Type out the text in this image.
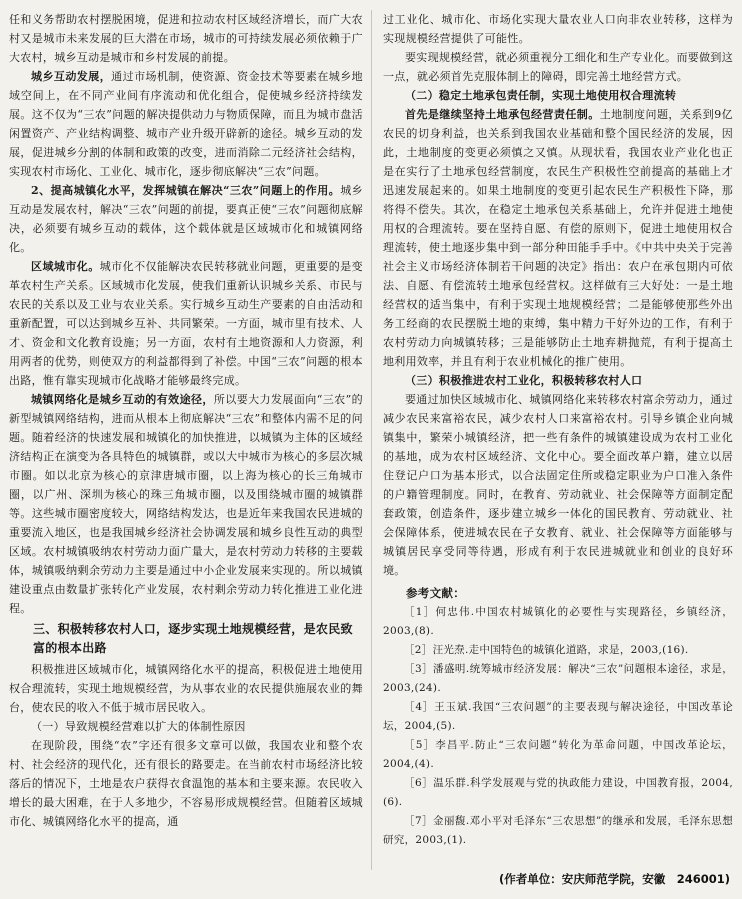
任和义务帮助农村摆脱困境，促进和拉动农村区域经济增长，而广大农村又是城市未来发展的巨大潜在市场，城市的可持续发展必须依赖于广大农村，城乡互动是城市和乡村发展的前提。

城乡互动发展，通过市场机制，使资源、资金技术等要素在城乡地域空间上，在不同产业间有序流动和优化组合，促使城乡经济持续发展。这不仅为“三农”问题的解决提供动力与物质保障，而且为城市盘活闲置资产、产业结构调整、城市产业升级开辟新的途径。城乡互动的发展，促进城乡分割的体制和政策的改变，进而消除二元经济社会结构，实现农村市场化、工业化、城市化，逐步彻底解决“三农”问题。

2、提高城镇化水平，发挥城镇在解决“三农”问题上的作用。城乡互动是发展农村，解决“三农”问题的前提，要真正使“三农”问题彻底解决，必须要有城乡互动的载体，这个载体就是区域城市化和城镇网络化。

区域城市化。城市化不仅能解决农民转移就业问题，更重要的是变革农村生产关系。区域城市化发展，使我们重新认识城乡关系、市民与农民的关系以及工业与农业关系。实行城乡互动生产要素的自由活动和重新配置，可以达到城乡互补、共同繁荣。一方面，城市里有技术、人才、资金和文化教育设施；另一方面，农村有土地资源和人力资源，利用两者的优势，则使双方的利益都得到了补偿。中国“三农”问题的根本出路，惟有靠实现城市化战略才能够最终完成。

城镇网络化是城乡互动的有效途径，所以要大力发展面向“三农”的新型城镇网络结构，进而从根本上彻底解决“三农”和整体内需不足的问题。随着经济的快速发展和城镇化的加快推进，以城镇为主体的区域经济结构正在演变为各具特色的城镇群，或以大中城市为核心的多层次城市圈。如以北京为核心的京津唐城市圈，以上海为核心的长三角城市圈，以广州、深圳为核心的珠三角城市圈，以及围绕城市圈的城镇群等。这些城市圈密度较大，网络结构发达，也是近年来我国农民进城的重要流入地区，也是我国城乡经济社会协调发展和城乡良性互动的典型区域。农村城镇吸纳农村劳动力面广量大，是农村劳动力转移的主要载体，城镇吸纳剩余劳动力主要是通过中小企业发展来实现的。所以城镇建设重点由数量扩张转化产业发展，农村剩余劳动力转化推进工业化进程。

三、积极转移农村人口，逐步实现土地规模经营，是农民致富的根本出路

积极推进区域城市化，城镇网络化水平的提高，积极促进土地使用权合理流转，实现土地规模经营，为从事农业的农民提供施展农业的舞台，使农民的收入不低于城市居民收入。

（一）导致规模经营难以扩大的体制性原因

在现阶段，围绕“农”字还有很多文章可以做，我国农业和整个农村、社会经济的现代化，还有很长的路要走。在当前农村市场经济比较落后的情况下，土地是农户获得衣食温饱的基本和主要来源。农民收入增长的最大困难，在于人多地少，不容易形成规模经营。但随着区域城市化、城镇网络化水平的提高，通

过工业化、城市化、市场化实现大量农业人口向非农业转移，这样为实现规模经营提供了可能性。

要实现规模经营，就必须重视分工细化和生产专业化。而要做到这一点，就必须首先克服体制上的障碍，即完善土地经营方式。

（二）稳定土地承包责任制，实现土地使用权合理流转

首先是继续坚持土地承包经营责任制。土地制度问题，关系到9亿农民的切身利益，也关系到我国农业基础和整个国民经济的发展，因此，土地制度的变更必须慎之又慎。从现状看，我国农业产业化也正是在实行了土地承包经营制度，农民生产积极性空前提高的基础上才迅速发展起来的。如果土地制度的变更引起农民生产积极性下降，那将得不偿失。其次，在稳定土地承包关系基础上，允许并促进土地使用权的合理流转。要在坚持自愿、有偿的原则下，促进土地使用权合理流转，使土地逐步集中到一部分种田能手手中。《中共中央关于完善社会主义市场经济体制若干问题的决定》指出：农户在承包期内可依法、自愿、有偿流转土地承包经营权。这样做有三大好处：一是土地经营权的适当集中，有利于实现土地规模经营；二是能够使那些外出务工经商的农民摆脱土地的束缚，集中精力干好外边的工作，有利于农村劳动力向城镇转移；三是能够防止土地弃耕抛荒，有利于提高土地利用效率，并且有利于农业机械化的推广使用。

（三）积极推进农村工业化，积极转移农村人口

要通过加快区域城市化、城镇网络化来转移农村富余劳动力，通过减少农民来富裕农民，减少农村人口来富裕农村。引导乡镇企业向城镇集中，繁荣小城镇经济，把一些有条件的城镇建设成为农村工业化的基地，成为农村区域经济、文化中心。要全面改革户籍，建立以居住登记户口为基本形式，以合法固定住所或稳定职业为户口准入条件的户籍管理制度。同时，在教育、劳动就业、社会保障等方面制定配套政策，创造条件，逐步建立城乡一体化的国民教育、劳动就业、社会保障体系，使进城农民在子女教育、就业、社会保障等方面能够与城镇居民享受同等待遇，形成有利于农民进城就业和创业的良好环境。

参考文献：

［1］何忠伟.中国农村城镇化的必要性与实现路径，乡镇经济，2003,(8).

［2］汪光焘.走中国特色的城镇化道路，求是，2003,(16).

［3］潘盛明.统筹城市经济发展：解决“三农”问题根本途径，求是，2003,(24).

［4］王玉斌.我国“三农问题”的主要表现与解决途径，中国改革论坛，2004,(5).

［5］李昌平.防止“三农问题”转化为革命问题，中国改革论坛，2004,(4).

［6］温乐群.科学发展观与党的执政能力建设，中国教育报，2004,(6).

［7］金丽馥.邓小平对毛泽东“三农思想”的继承和发展，毛泽东思想研究，2003,(1).

(作者单位：安庆师范学院，安徽　246001)
